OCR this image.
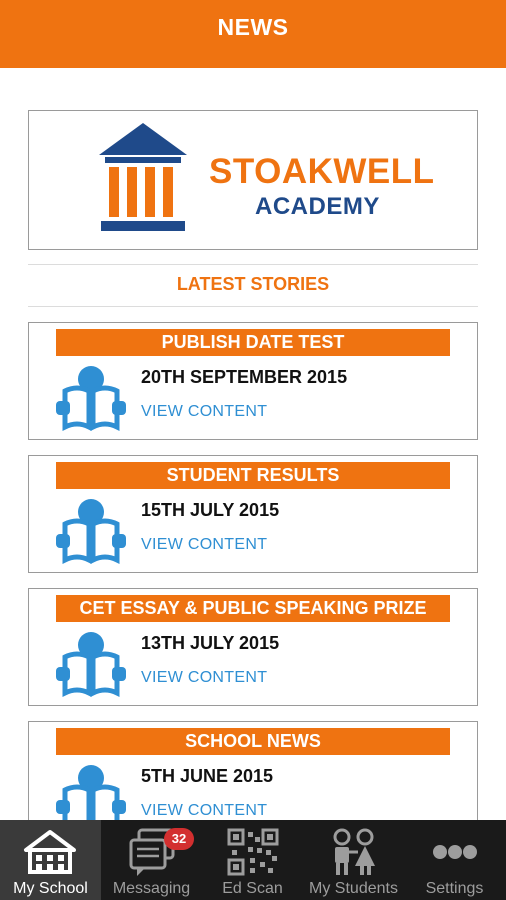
NEWS
STOAKWELL
ACADEMY
LATEST STORIES
PUBLISH DATE TEST
20TH SEPTEMBER 2015
VIEW CONTENT
STUDENT RESULTS
15TH JULY 2015
VIEW CONTENT
CET ESSAY & PUBLIC SPEAKING PRIZE
13TH JULY 2015
VIEW CONTENT
SCHOOL NEWS
5TH JUNE 2015
VIEW CONTENT
My School	Messaging	Ed Scan	My Students	Settings
32
